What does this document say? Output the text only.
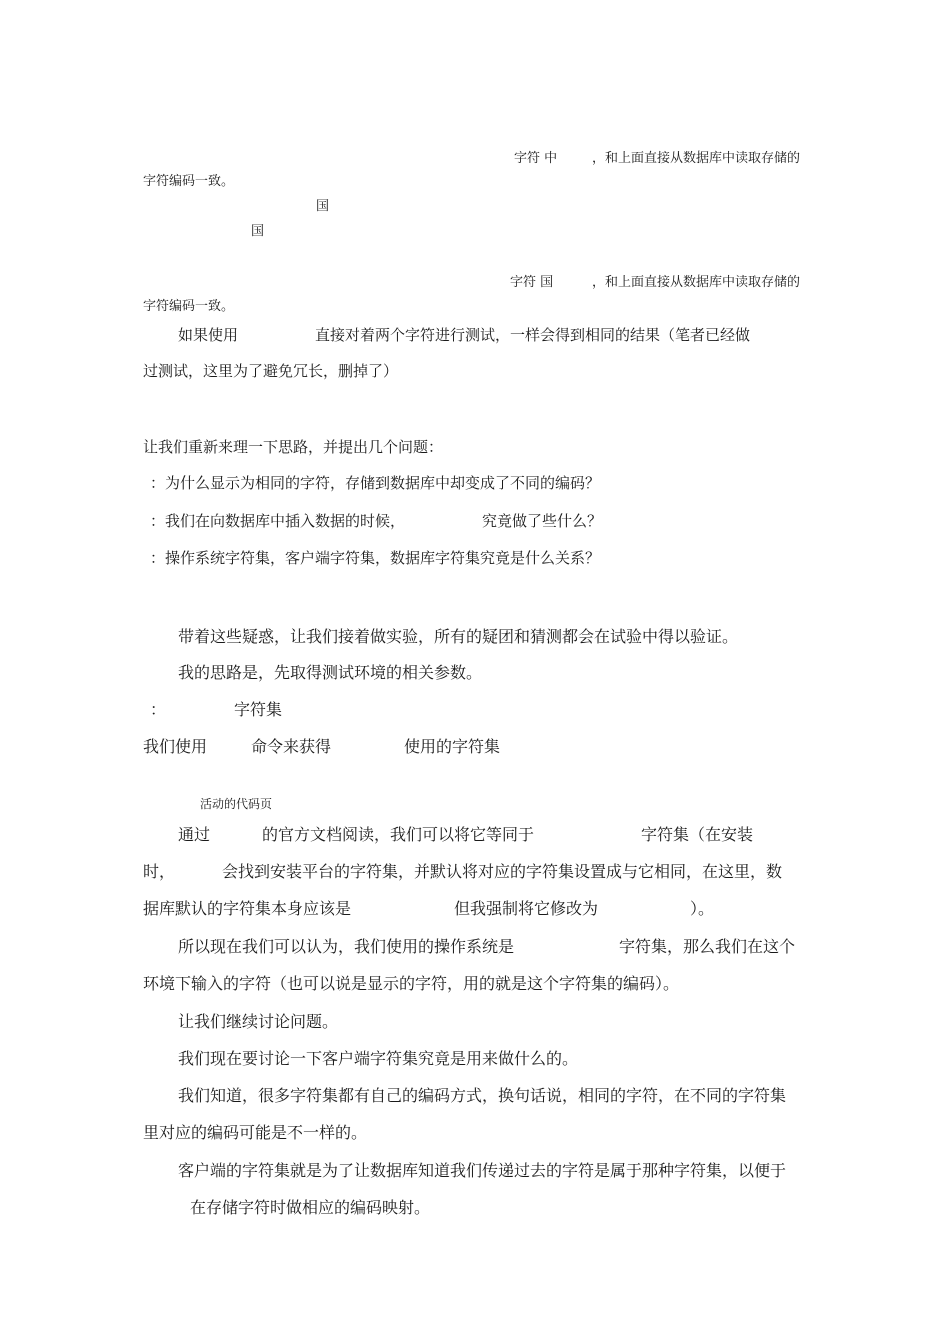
字符 中	，和上面直接从数据库中读取存储的
字符编码一致。
国
国
字符 国	，和上面直接从数据库中读取存储的
字符编码一致。
如果使用	直接对着两个字符进行测试，一样会得到相同的结果（笔者已经做
过测试，这里为了避免冗长，删掉了）
让我们重新来理一下思路，并提出几个问题：
：为什么显示为相同的字符，存储到数据库中却变成了不同的编码？
：我们在向数据库中插入数据的时候，	究竟做了些什么？
：操作系统字符集，客户端字符集，数据库字符集究竟是什么关系？
带着这些疑惑，让我们接着做实验，所有的疑团和猜测都会在试验中得以验证。
我的思路是，先取得测试环境的相关参数。
：	字符集
我们使用	命令来获得	使用的字符集
活动的代码页
通过	的官方文档阅读，我们可以将它等同于	字符集（在安装
时，	会找到安装平台的字符集，并默认将对应的字符集设置成与它相同，在这里，数
据库默认的字符集本身应该是	但我强制将它修改为	）。
所以现在我们可以认为，我们使用的操作系统是	字符集，那么我们在这个
环境下输入的字符（也可以说是显示的字符，用的就是这个字符集的编码）。
让我们继续讨论问题。
我们现在要讨论一下客户端字符集究竟是用来做什么的。
我们知道，很多字符集都有自己的编码方式，换句话说，相同的字符，在不同的字符集
里对应的编码可能是不一样的。
客户端的字符集就是为了让数据库知道我们传递过去的字符是属于那种字符集，以便于
在存储字符时做相应的编码映射。
